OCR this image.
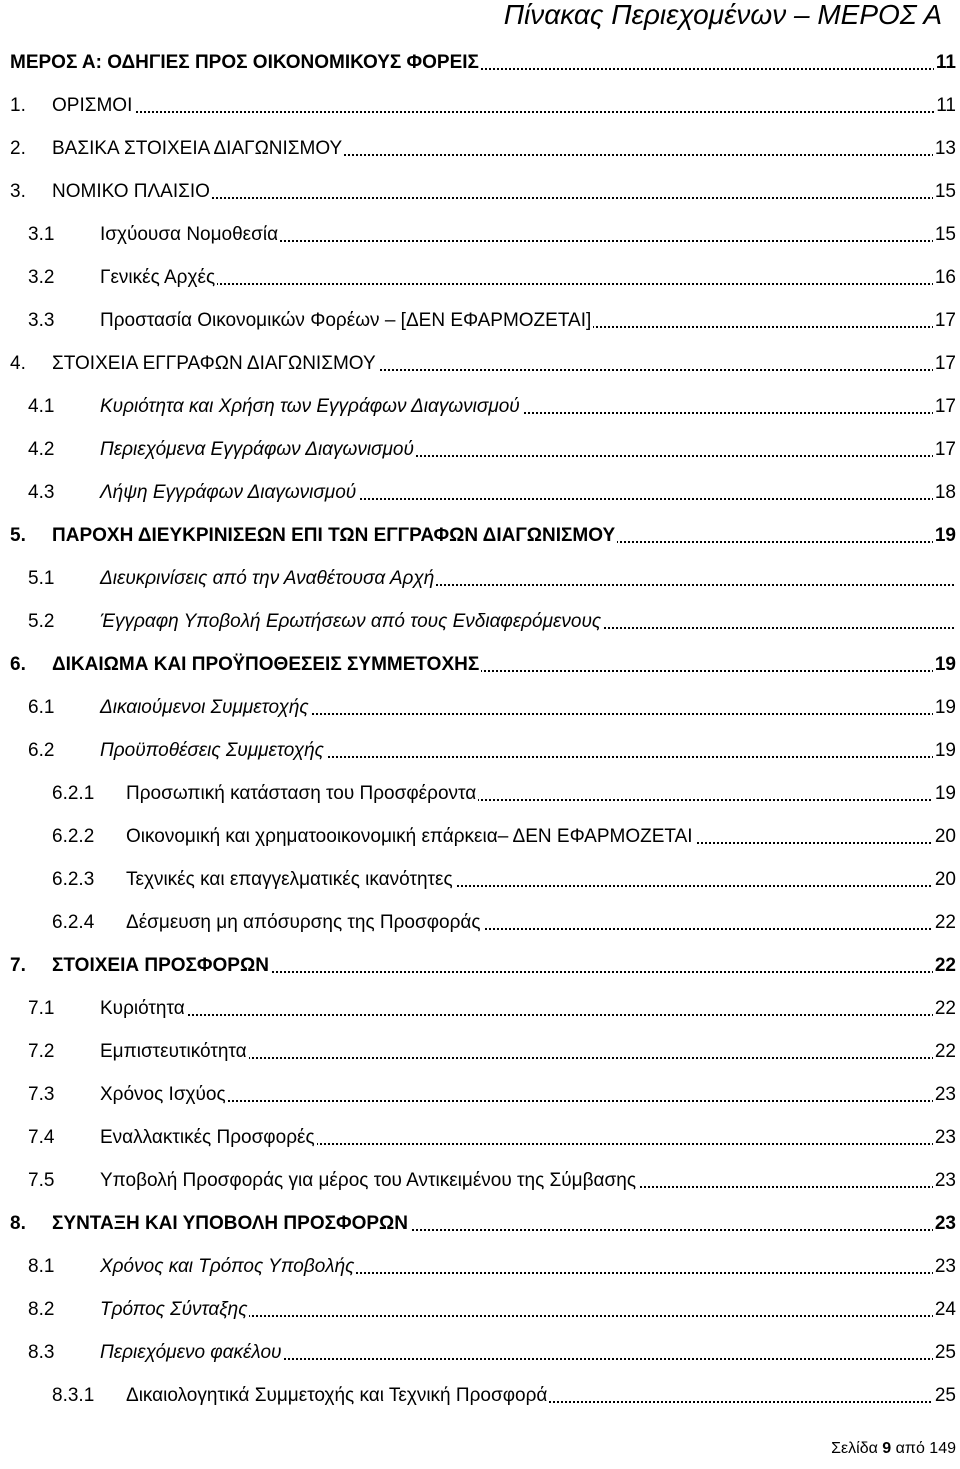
Πίνακας Περιεχομένων – ΜΕΡΟΣ Α
ΜΕΡΟΣ Α: ΟΔΗΓΙΕΣ ΠΡΟΣ ΟΙΚΟΝΟΜΙΚΟΥΣ ΦΟΡΕΙΣ	11
1. ΟΡΙΣΜΟΙ	11
2. ΒΑΣΙΚΑ ΣΤΟΙΧΕΙΑ ΔΙΑΓΩΝΙΣΜΟΥ	13
3. ΝΟΜΙΚΟ ΠΛΑΙΣΙΟ	15
3.1 Ισχύουσα Νομοθεσία	15
3.2 Γενικές Αρχές	16
3.3 Προστασία Οικονομικών Φορέων – [ΔΕΝ ΕΦΑΡΜΟΖΕΤΑΙ]	17
4. ΣΤΟΙΧΕΙΑ ΕΓΓΡΑΦΩΝ ΔΙΑΓΩΝΙΣΜΟΥ	17
4.1 Κυριότητα και Χρήση των Εγγράφων Διαγωνισμού	17
4.2 Περιεχόμενα Εγγράφων Διαγωνισμού	17
4.3 Λήψη Εγγράφων Διαγωνισμού	18
5. ΠΑΡΟΧΗ ΔΙΕΥΚΡΙΝΙΣΕΩΝ ΕΠΙ ΤΩΝ ΕΓΓΡΑΦΩΝ ΔΙΑΓΩΝΙΣΜΟΥ	19
5.1 Διευκρινίσεις από την Αναθέτουσα Αρχή
5.2 Έγγραφη Υποβολή Ερωτήσεων από τους Ενδιαφερόμενους
6. ΔΙΚΑΙΩΜΑ ΚΑΙ ΠΡΟΫΠΟΘΕΣΕΙΣ ΣΥΜΜΕΤΟΧΗΣ	19
6.1 Δικαιούμενοι Συμμετοχής	19
6.2 Προϋποθέσεις Συμμετοχής	19
6.2.1 Προσωπική κατάσταση του Προσφέροντα	19
6.2.2 Οικονομική και χρηματοοικονομική επάρκεια– ΔΕΝ ΕΦΑΡΜΟΖΕΤΑΙ	20
6.2.3 Τεχνικές και επαγγελματικές ικανότητες	20
6.2.4 Δέσμευση μη απόσυρσης της Προσφοράς	22
7. ΣΤΟΙΧΕΙΑ ΠΡΟΣΦΟΡΩΝ	22
7.1 Κυριότητα	22
7.2 Εμπιστευτικότητα	22
7.3 Χρόνος Ισχύος	23
7.4 Εναλλακτικές Προσφορές	23
7.5 Υποβολή Προσφοράς για μέρος του Αντικειμένου της Σύμβασης	23
8. ΣΥΝΤΑΞΗ ΚΑΙ ΥΠΟΒΟΛΗ ΠΡΟΣΦΟΡΩΝ	23
8.1 Χρόνος και Τρόπος Υποβολής	23
8.2 Τρόπος Σύνταξης	24
8.3 Περιεχόμενο φακέλου	25
8.3.1 Δικαιολογητικά Συμμετοχής και Τεχνική Προσφορά	25
Σελίδα 9 από 149
